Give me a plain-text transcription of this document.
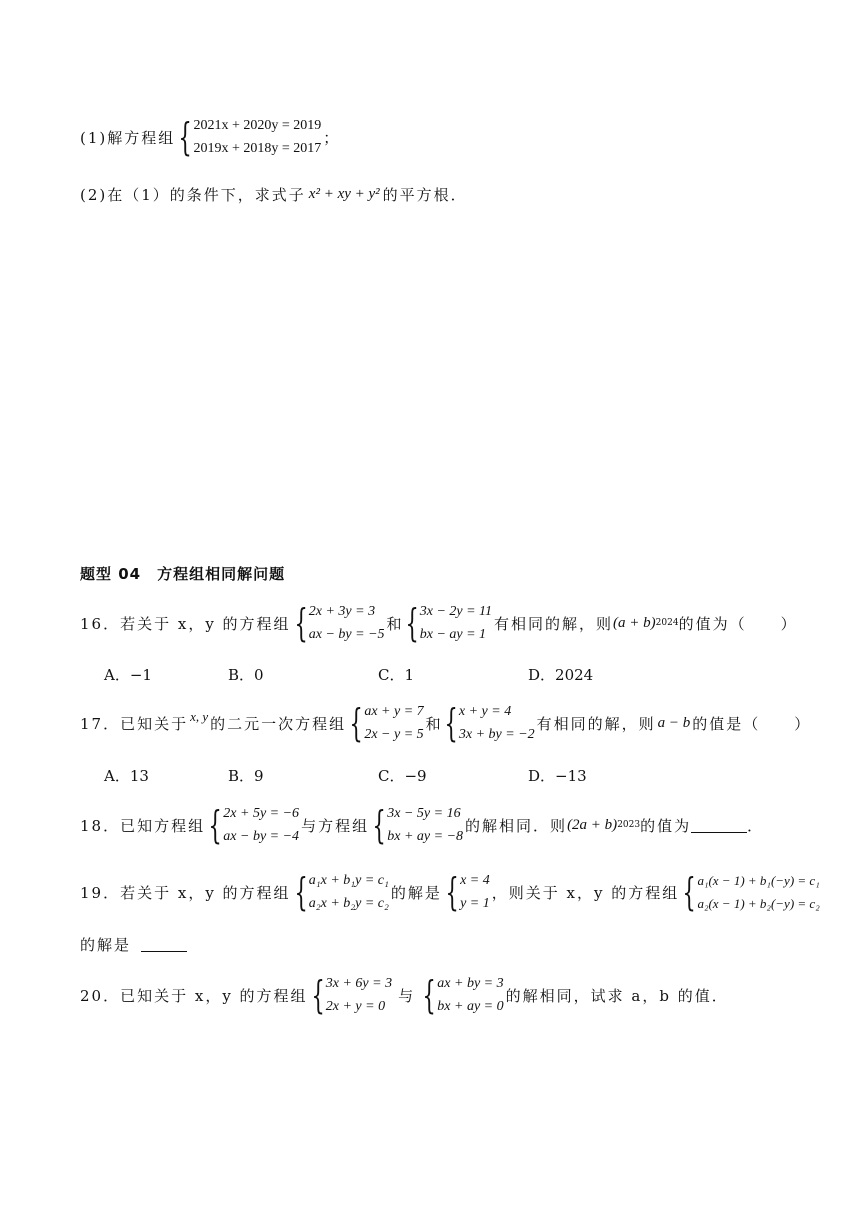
(1)解方程组 { 2021x + 2020y = 2019
2019x + 2018y = 2017
；
(2)在（1）的条件下，求式子 x² + xy + y² 的平方根．
题型 04　方程组相同解问题
16．若关于 x，y 的方程组 { 2x + 3y = 3
ax − by = −5
和 { 3x − 2y = 11
bx − ay = 1
有相同的解，则 (a + b) 2024 的值为（　　）
A．−1	B．0	C．1	D．2024
17．已知关于 x, y 的二元一次方程组 { ax + y = 7
2x − y = 5
和 { x + y = 4
3x + by = −2
有相同的解，则 a − b 的值是（　　）
A．13	B．9	C．−9	D．−13
18．已知方程组 { 2x + 5y = −6
ax − by = −4
与方程组 { 3x − 5y = 16
bx + ay = −8
的解相同．则 (2a + b) 2023 的值为	．
19．若关于 x，y 的方程组 { a₁x + b₁y = c₁
a₂x + b₂y = c₂
的解是 { x = 4
y = 1
，则关于 x，y 的方程组 { a₁(x − 1) + b₁(−y) = c₁
a₂(x − 1) + b₂(−y) = c₂
的解是
20．已知关于 x，y 的方程组 { 3x + 6y = 3
2x + y = 0
与 { ax + by = 3
bx + ay = 0
的解相同，试求 a，b 的值．
